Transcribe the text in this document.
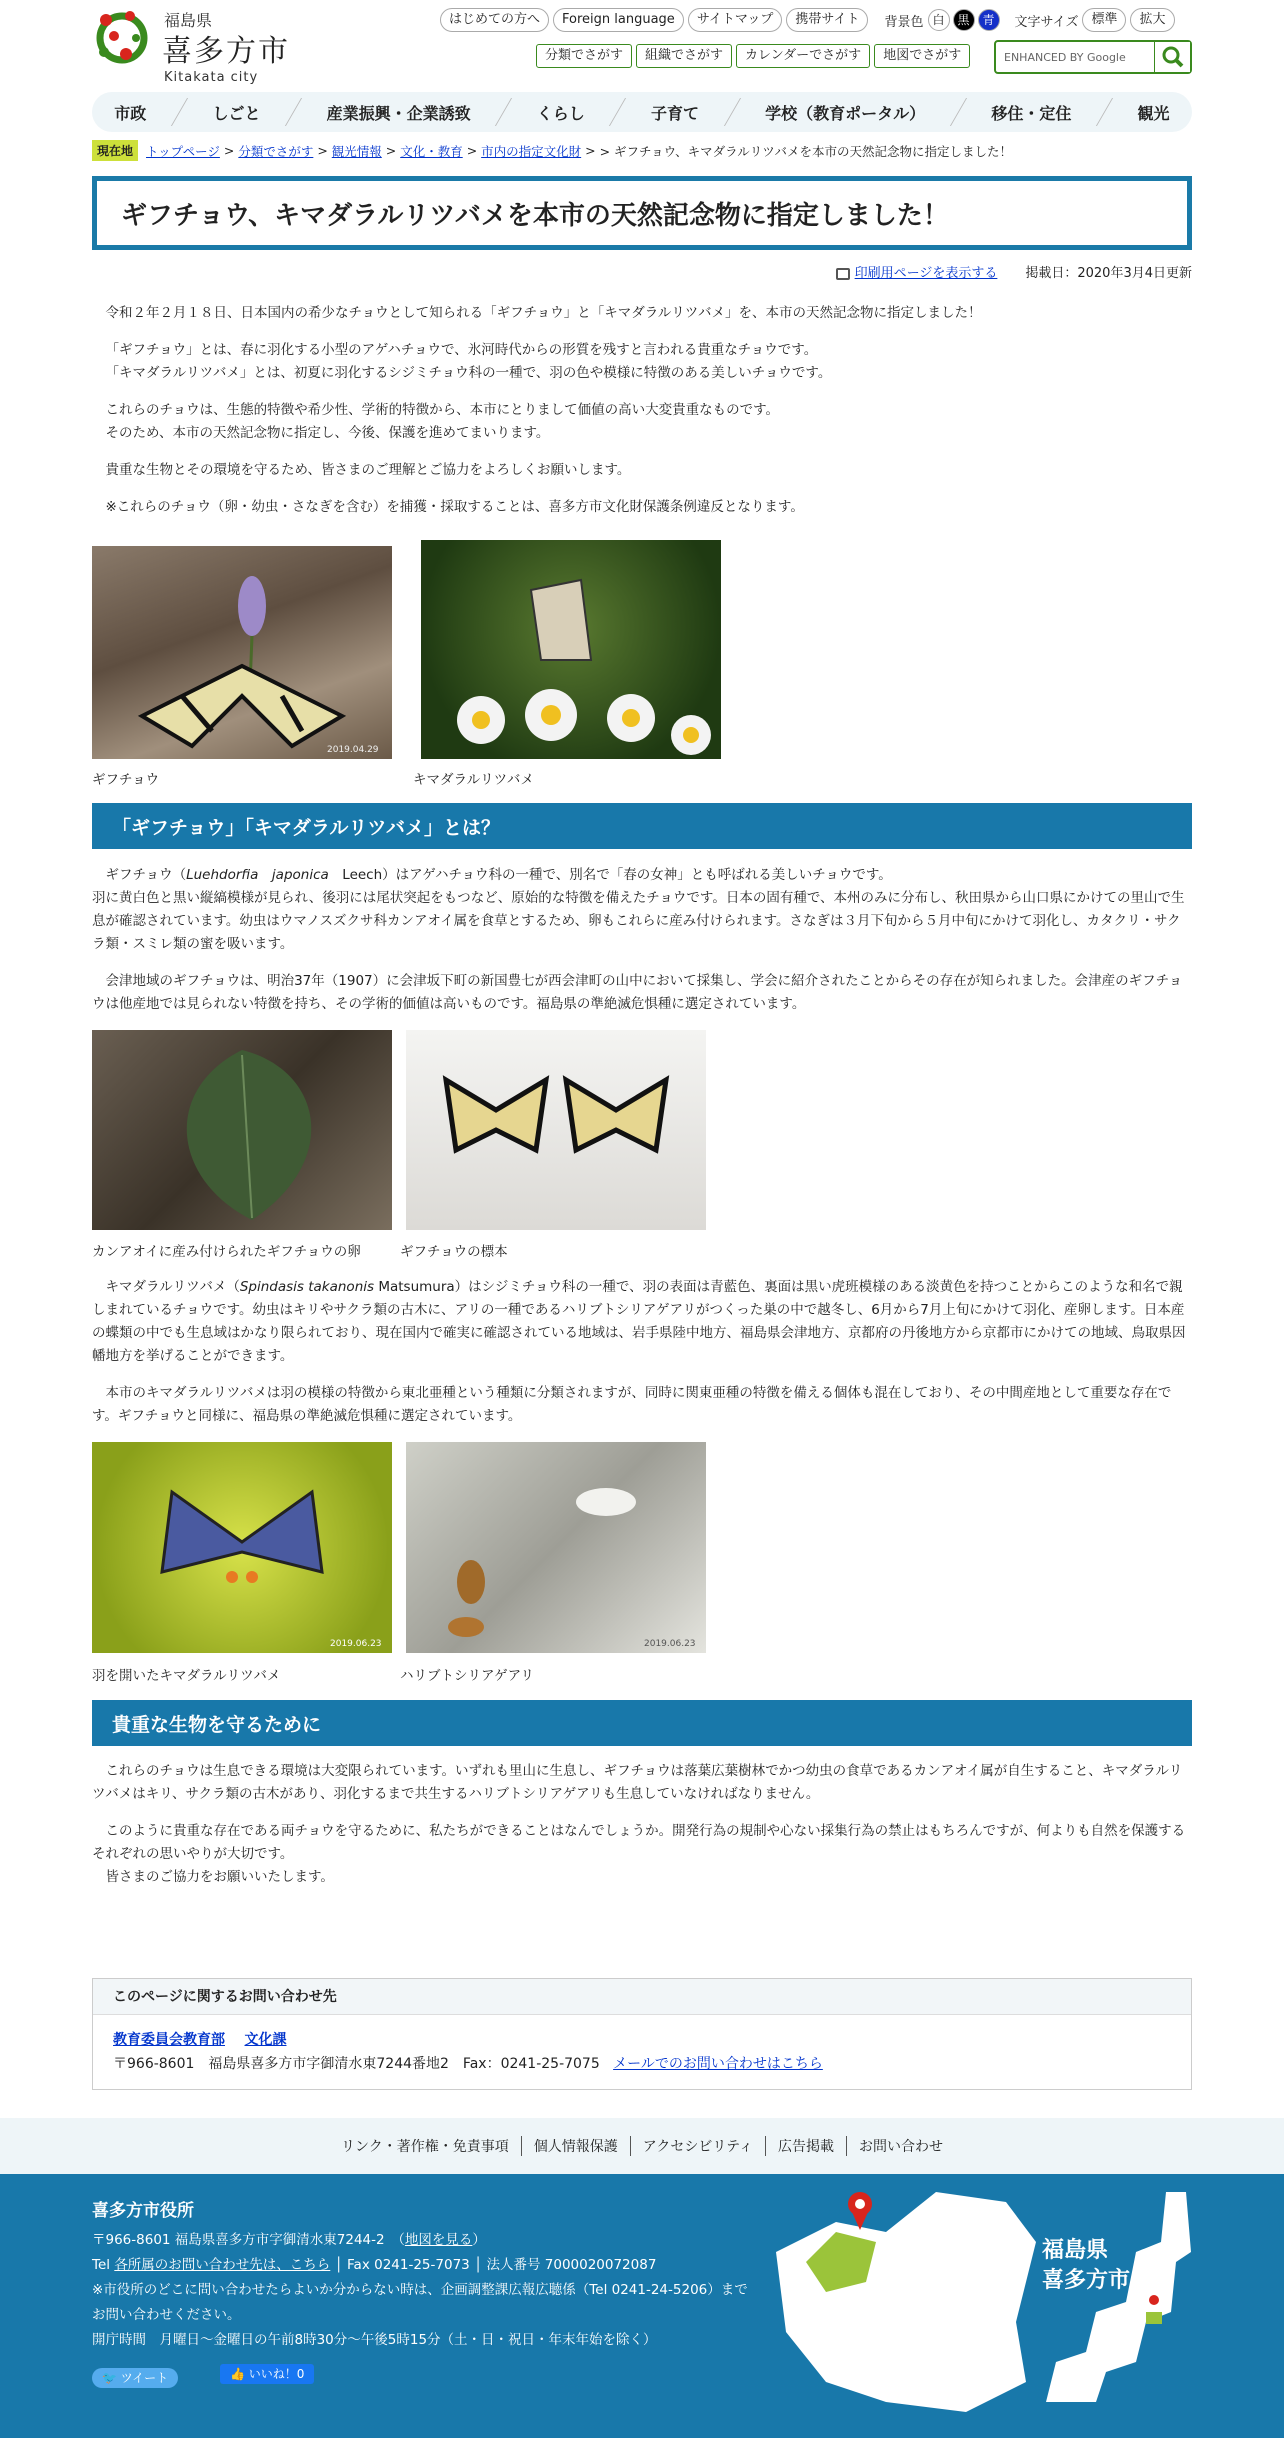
福島県
喜多方市
Kitakata city
はじめての方へ	Foreign language	サイトマップ	携帯サイト	背景色 白	黒	青	文字サイズ	標準	拡大
分類でさがす	組織でさがす	カレンダーでさがす	地図でさがす	ENHANCED BY Google
市政	しごと	産業振興・企業誘致	くらし	子育て	学校（教育ポータル）	移住・定住	観光
現在地	トップページ > 分類でさがす > 観光情報 > 文化・教育 > 市内の指定文化財 > > ギフチョウ、キマダラルリツバメを本市の天然記念物に指定しました！
ギフチョウ、キマダラルリツバメを本市の天然記念物に指定しました！
印刷用ページを表示する 掲載日：2020年3月4日更新

令和２年２月１８日、日本国内の希少なチョウとして知られる「ギフチョウ」と「キマダラルリツバメ」を、本市の天然記念物に指定しました！

「ギフチョウ」とは、春に羽化する小型のアゲハチョウで、氷河時代からの形質を残すと言われる貴重なチョウです。

「キマダラルリツバメ」とは、初夏に羽化するシジミチョウ科の一種で、羽の色や模様に特徴のある美しいチョウです。

これらのチョウは、生態的特徴や希少性、学術的特徴から、本市にとりまして価値の高い大変貴重なものです。

そのため、本市の天然記念物に指定し、今後、保護を進めてまいります。

貴重な生物とその環境を守るため、皆さまのご理解とご協力をよろしくお願いします。

※これらのチョウ（卵・幼虫・さなぎを含む）を捕獲・採取することは、喜多方市文化財保護条例違反となります。

2019.04.29
ギフチョウ	キマダラルリツバメ
「ギフチョウ」「キマダラルリツバメ」とは？

ギフチョウ（Luehdorfia　japonica　Leech）はアゲハチョウ科の一種で、別名で「春の女神」とも呼ばれる美しいチョウです。

羽に黄白色と黒い縦縞模様が見られ、後羽には尾状突起をもつなど、原始的な特徴を備えたチョウです。日本の固有種で、本州のみに分布し、秋田県から山口県にかけての里山で生息が確認されています。幼虫はウマノスズクサ科カンアオイ属を食草とするため、卵もこれらに産み付けられます。さなぎは３月下旬から５月中旬にかけて羽化し、カタクリ・サクラ類・スミレ類の蜜を吸います。

会津地域のギフチョウは、明治37年（1907）に会津坂下町の新国豊七が西会津町の山中において採集し、学会に紹介されたことからその存在が知られました。会津産のギフチョウは他産地では見られない特徴を持ち、その学術的価値は高いものです。福島県の準絶滅危惧種に選定されています。

カンアオイに産み付けられたギフチョウの卵	ギフチョウの標本

キマダラルリツバメ（Spindasis takanonis Matsumura）はシジミチョウ科の一種で、羽の表面は青藍色、裏面は黒い虎班模様のある淡黄色を持つことからこのような和名で親しまれているチョウです。幼虫はキリやサクラ類の古木に、アリの一種であるハリブトシリアゲアリがつくった巣の中で越冬し、6月から7月上旬にかけて羽化、産卵します。日本産の蝶類の中でも生息域はかなり限られており、現在国内で確実に確認されている地域は、岩手県陸中地方、福島県会津地方、京都府の丹後地方から京都市にかけての地域、鳥取県因幡地方を挙げることができます。

本市のキマダラルリツバメは羽の模様の特徴から東北亜種という種類に分類されますが、同時に関東亜種の特徴を備える個体も混在しており、その中間産地として重要な存在です。ギフチョウと同様に、福島県の準絶滅危惧種に選定されています。

2019.06.23	2019.06.23
羽を開いたキマダラルリツバメ	ハリブトシリアゲアリ
貴重な生物を守るために

これらのチョウは生息できる環境は大変限られています。いずれも里山に生息し、ギフチョウは落葉広葉樹林でかつ幼虫の食草であるカンアオイ属が自生すること、キマダラルリツバメはキリ、サクラ類の古木があり、羽化するまで共生するハリブトシリアゲアリも生息していなければなりません。

このように貴重な存在である両チョウを守るために、私たちができることはなんでしょうか。開発行為の規制や心ない採集行為の禁止はもちろんですが、何よりも自然を保護するそれぞれの思いやりが大切です。

皆さまのご協力をお願いいたします。

このページに関するお問い合わせ先
教育委員会教育部 文化課
〒966-8601　福島県喜多方市字御清水東7244番地2　Fax：0241-25-7075 メールでのお問い合わせはこちら
リンク・著作権・免責事項	個人情報保護	アクセシビリティ	広告掲載	お問い合わせ
喜多方市役所
〒966-8601 福島県喜多方市字御清水東7244-2　（地図を見る）
Tel 各所属のお問い合わせ先は、こちら │ Fax 0241-25-7073 │ 法人番号 7000020072087
※市役所のどこに問い合わせたらよいか分からない時は、企画調整課広報広聴係（Tel 0241-24-5206）までお問い合わせください。
開庁時間　月曜日～金曜日の午前8時30分～午後5時15分（土・日・祝日・年末年始を除く）
🐦 ツイート	👍 いいね！0
福島県
喜多方市
